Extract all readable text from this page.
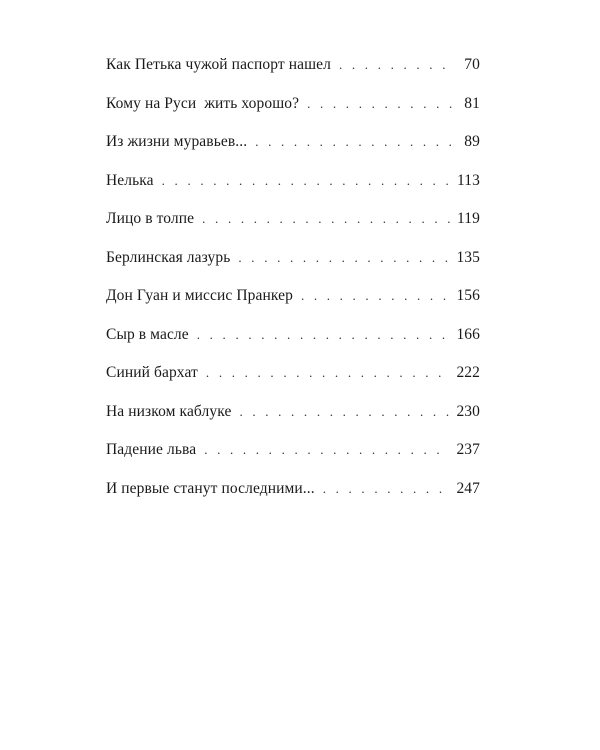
Как Петька чужой паспорт нашел . . .	70
Кому на Руси  жить хорошо? . . .	81
Из жизни муравьев... . . .	89
Нелька . . .	113
Лицо в толпе . . .	119
Берлинская лазурь . . .	135
Дон Гуан и миссис Пранкер . . .	156
Сыр в масле . . .	166
Синий бархат . . .	222
На низком каблуке . . .	230
Падение льва . . .	237
И первые станут последними... . . .	247
